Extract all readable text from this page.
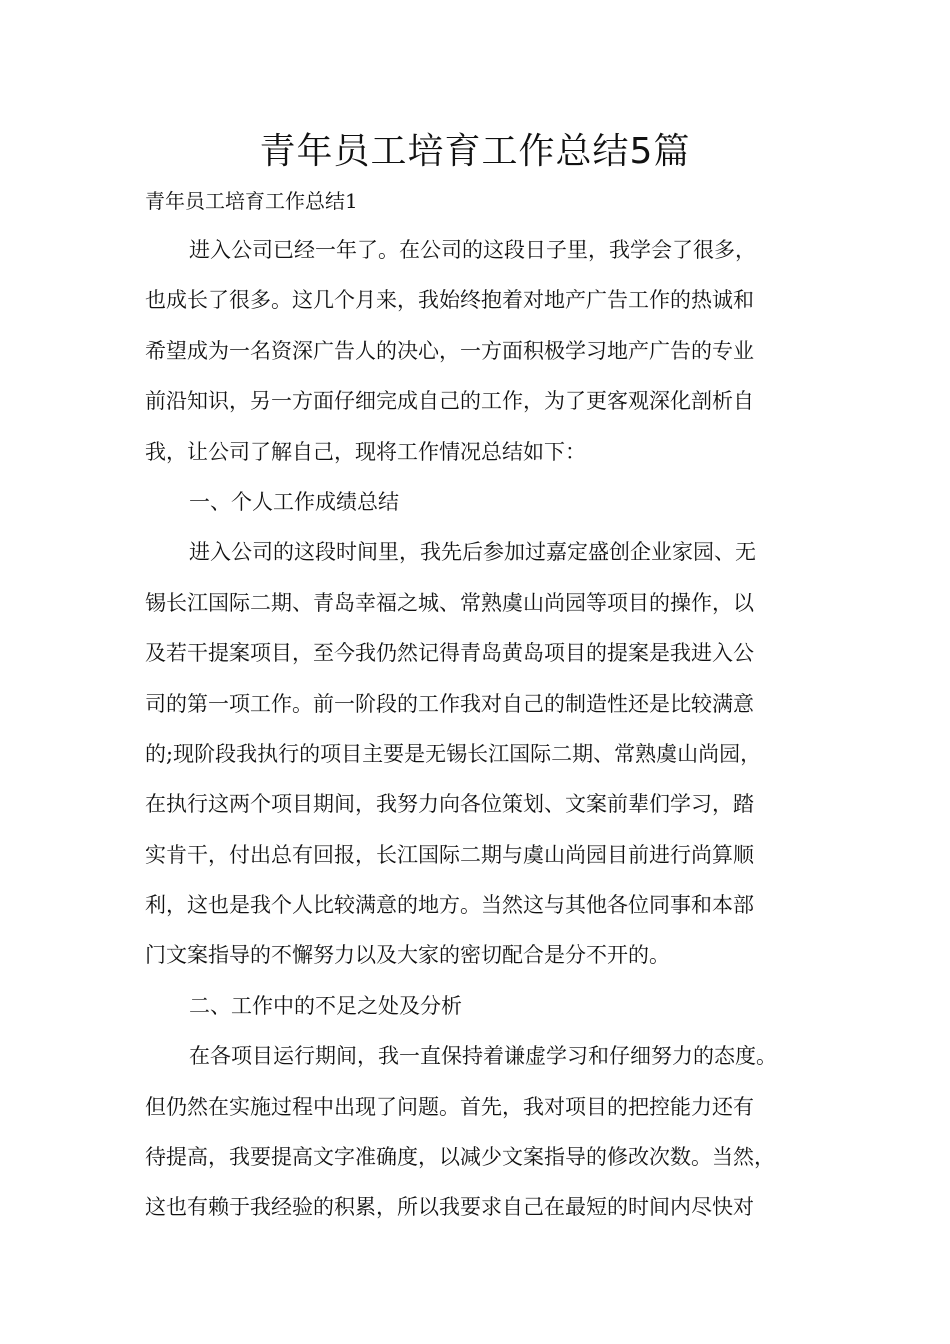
青年员工培育工作总结5篇
青年员工培育工作总结1
进入公司已经一年了。在公司的这段日子里，我学会了很多，
也成长了很多。这几个月来，我始终抱着对地产广告工作的热诚和
希望成为一名资深广告人的决心，一方面积极学习地产广告的专业
前沿知识，另一方面仔细完成自己的工作，为了更客观深化剖析自
我，让公司了解自己，现将工作情况总结如下：
一、个人工作成绩总结
进入公司的这段时间里，我先后参加过嘉定盛创企业家园、无
锡长江国际二期、青岛幸福之城、常熟虞山尚园等项目的操作，以
及若干提案项目，至今我仍然记得青岛黄岛项目的提案是我进入公
司的第一项工作。前一阶段的工作我对自己的制造性还是比较满意
的;现阶段我执行的项目主要是无锡长江国际二期、常熟虞山尚园，
在执行这两个项目期间，我努力向各位策划、文案前辈们学习，踏
实肯干，付出总有回报，长江国际二期与虞山尚园目前进行尚算顺
利，这也是我个人比较满意的地方。当然这与其他各位同事和本部
门文案指导的不懈努力以及大家的密切配合是分不开的。
二、工作中的不足之处及分析
在各项目运行期间，我一直保持着谦虚学习和仔细努力的态度。
但仍然在实施过程中出现了问题。首先，我对项目的把控能力还有
待提高，我要提高文字准确度，以减少文案指导的修改次数。当然，
这也有赖于我经验的积累，所以我要求自己在最短的时间内尽快对
